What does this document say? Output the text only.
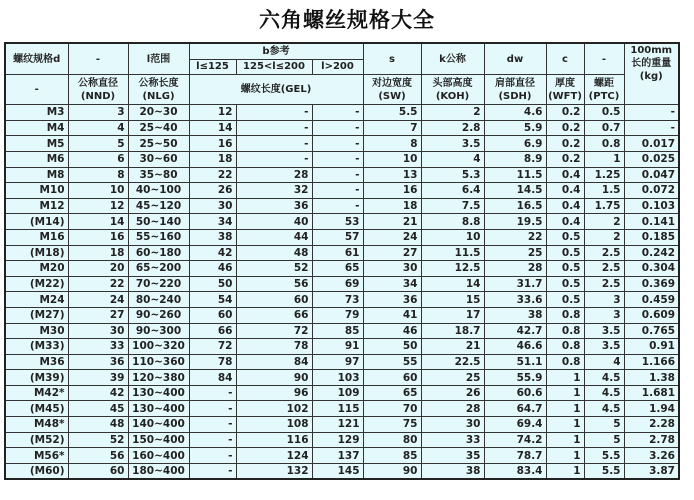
六角螺丝规格大全
螺纹规格d	-	l范围	b参考			s	k公称	dw	c	-	100mm长的重量(kg)
			l≤125	125<l≤200	l>200						
-	公称直径(NND)	公称长度(NLG)	螺纹长度(GEL)			对边宽度(SW)	头部高度(KOH)	肩部直径(SDH)	厚度(WFT)	螺距(PTC)	
M3	3	20~30	12	-	-	5.5	2	4.6	0.2	0.5	-
M4	4	25~40	14	-	-	7	2.8	5.9	0.2	0.7	-
M5	5	25~50	16	-	-	8	3.5	6.9	0.2	0.8	0.017
M6	6	30~60	18	-	-	10	4	8.9	0.2	1	0.025
M8	8	35~80	22	28	-	13	5.3	11.5	0.4	1.25	0.047
M10	10	40~100	26	32	-	16	6.4	14.5	0.4	1.5	0.072
M12	12	45~120	30	36	-	18	7.5	16.5	0.4	1.75	0.103
(M14)	14	50~140	34	40	53	21	8.8	19.5	0.4	2	0.141
M16	16	55~160	38	44	57	24	10	22	0.5	2	0.185
(M18)	18	60~180	42	48	61	27	11.5	25	0.5	2.5	0.242
M20	20	65~200	46	52	65	30	12.5	28	0.5	2.5	0.304
(M22)	22	70~220	50	56	69	34	14	31.7	0.5	2.5	0.369
M24	24	80~240	54	60	73	36	15	33.6	0.5	3	0.459
(M27)	27	90~260	60	66	79	41	17	38	0.8	3	0.609
M30	30	90~300	66	72	85	46	18.7	42.7	0.8	3.5	0.765
(M33)	33	100~320	72	78	91	50	21	46.6	0.8	3.5	0.91
M36	36	110~360	78	84	97	55	22.5	51.1	0.8	4	1.166
(M39)	39	120~380	84	90	103	60	25	55.9	1	4.5	1.38
M42*	42	130~400	-	96	109	65	26	60.6	1	4.5	1.681
(M45)	45	130~400	-	102	115	70	28	64.7	1	4.5	1.94
M48*	48	140~400	-	108	121	75	30	69.4	1	5	2.28
(M52)	52	150~400	-	116	129	80	33	74.2	1	5	2.78
M56*	56	160~400	-	124	137	85	35	78.7	1	5.5	3.26
(M60)	60	180~400	-	132	145	90	38	83.4	1	5.5	3.87
